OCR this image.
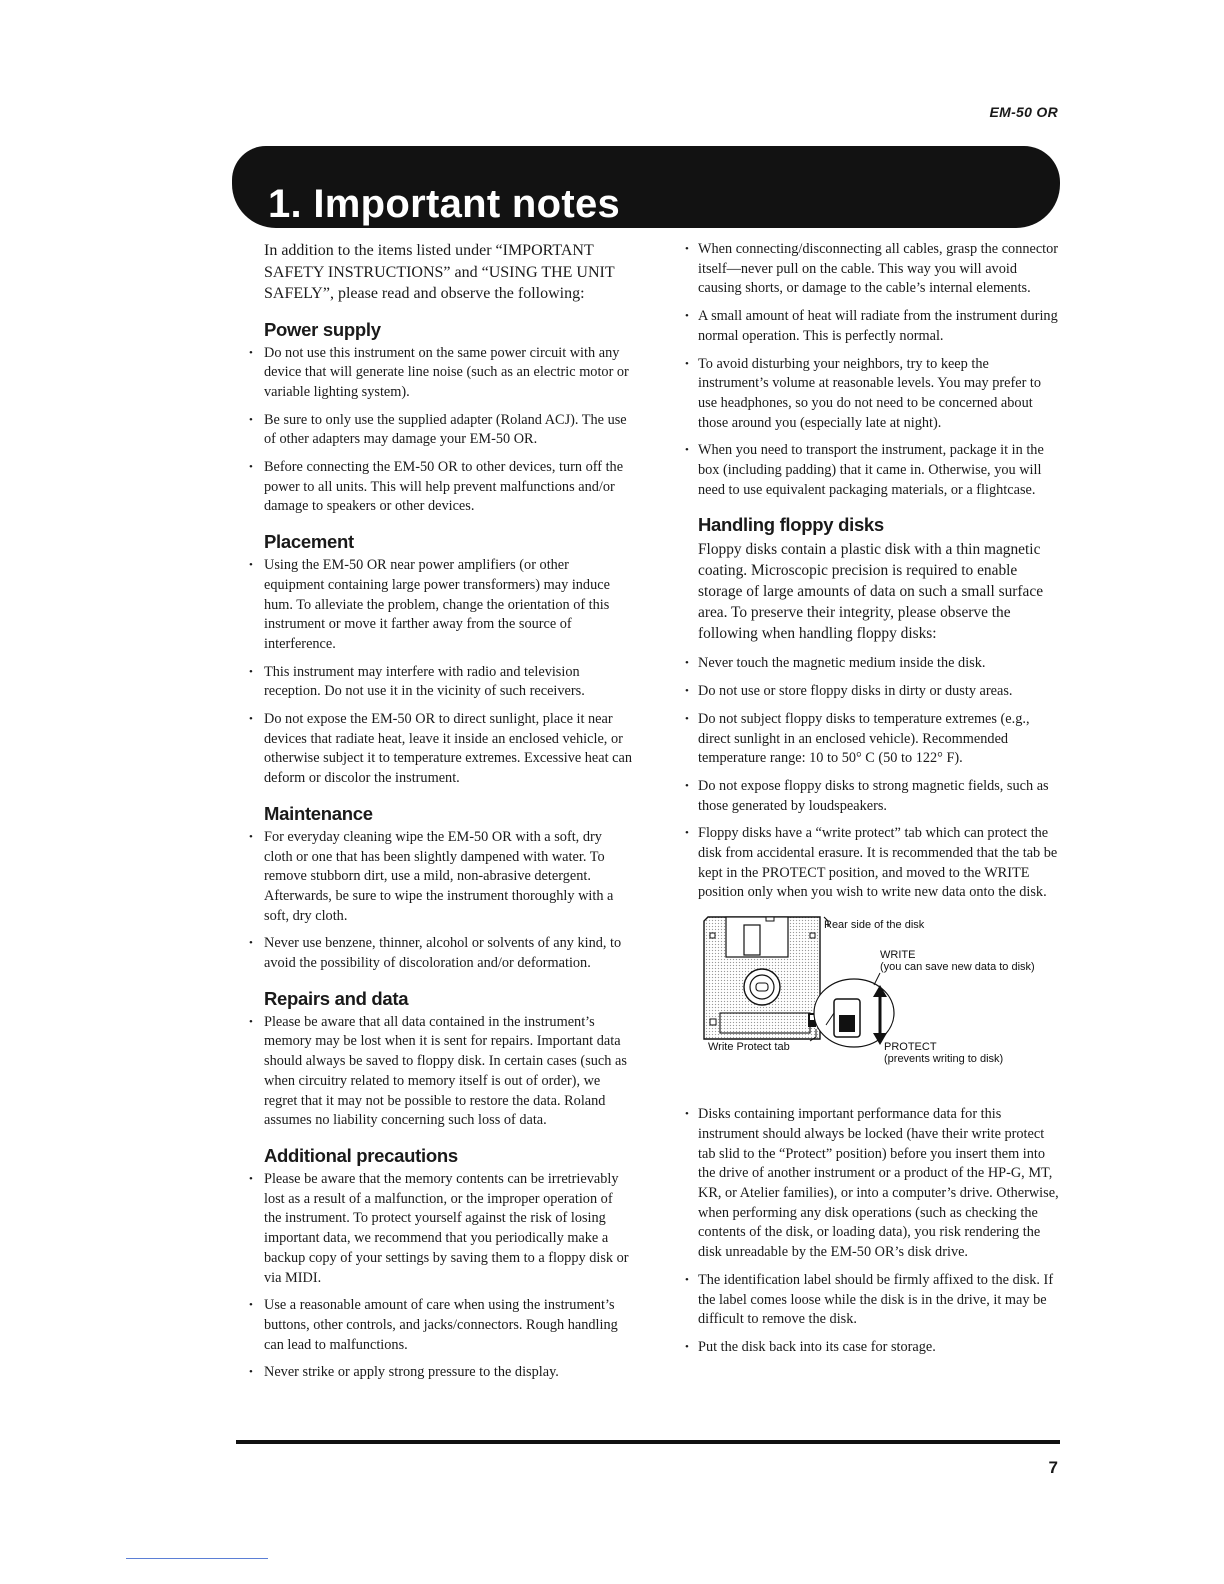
EM-50 OR
1. Important notes

In addition to the items listed under “IMPORTANT SAFETY INSTRUCTIONS” and “USING THE UNIT SAFELY”, please read and observe the following:

Power supply
• Do not use this instrument on the same power circuit with any device that will generate line noise (such as an electric motor or variable lighting system).
• Be sure to only use the supplied adapter (Roland ACJ). The use of other adapters may damage your EM-50 OR.
• Before connecting the EM-50 OR to other devices, turn off the power to all units. This will help prevent malfunctions and/or damage to speakers or other devices.
Placement
• Using the EM-50 OR near power amplifiers (or other equipment containing large power transformers) may induce hum. To alleviate the problem, change the orientation of this instrument or move it farther away from the source of interference.
• This instrument may interfere with radio and television reception. Do not use it in the vicinity of such receivers.
• Do not expose the EM-50 OR to direct sunlight, place it near devices that radiate heat, leave it inside an enclosed vehicle, or otherwise subject it to temperature extremes. Excessive heat can deform or discolor the instrument.
Maintenance
• For everyday cleaning wipe the EM-50 OR with a soft, dry cloth or one that has been slightly dampened with water. To remove stubborn dirt, use a mild, non-abrasive detergent. Afterwards, be sure to wipe the instrument thoroughly with a soft, dry cloth.
• Never use benzene, thinner, alcohol or solvents of any kind, to avoid the possibility of discoloration and/or deformation.
Repairs and data
• Please be aware that all data contained in the instrument’s memory may be lost when it is sent for repairs. Important data should always be saved to floppy disk. In certain cases (such as when circuitry related to memory itself is out of order), we regret that it may not be possible to restore the data. Roland assumes no liability concerning such loss of data.
Additional precautions
• Please be aware that the memory contents can be irretrievably lost as a result of a malfunction, or the improper operation of the instrument. To protect yourself against the risk of losing important data, we recommend that you periodically make a backup copy of your settings by saving them to a floppy disk or via MIDI.
• Use a reasonable amount of care when using the instrument’s buttons, other controls, and jacks/connectors. Rough handling can lead to malfunctions.
• Never strike or apply strong pressure to the display.
• When connecting/disconnecting all cables, grasp the connector itself—never pull on the cable. This way you will avoid causing shorts, or damage to the cable’s internal elements.
• A small amount of heat will radiate from the instrument during normal operation. This is perfectly normal.
• To avoid disturbing your neighbors, try to keep the instrument’s volume at reasonable levels. You may prefer to use headphones, so you do not need to be concerned about those around you (especially late at night).
• When you need to transport the instrument, package it in the box (including padding) that it came in. Otherwise, you will need to use equivalent packaging materials, or a flightcase.
Handling floppy disks

Floppy disks contain a plastic disk with a thin magnetic coating. Microscopic precision is required to enable storage of large amounts of data on such a small surface area. To preserve their integrity, please observe the following when handling floppy disks:

• Never touch the magnetic medium inside the disk.
• Do not use or store floppy disks in dirty or dusty areas.
• Do not subject floppy disks to temperature extremes (e.g., direct sunlight in an enclosed vehicle). Recommended temperature range: 10 to 50° C (50 to 122° F).
• Do not expose floppy disks to strong magnetic fields, such as those generated by loudspeakers.
• Floppy disks have a “write protect” tab which can protect the disk from accidental erasure. It is recommended that the tab be kept in the PROTECT position, and moved to the WRITE position only when you wish to write new data onto the disk.
Rear side of the disk
WRITE
(you can save new data to disk)
PROTECT
(prevents writing to disk)
Write Protect tab
• Disks containing important performance data for this instrument should always be locked (have their write protect tab slid to the “Protect” position) before you insert them into the drive of another instrument or a product of the HP-G, MT, KR, or Atelier families), or into a computer’s drive. Otherwise, when performing any disk operations (such as checking the contents of the disk, or loading data), you risk rendering the disk unreadable by the EM-50 OR’s disk drive.
• The identification label should be firmly affixed to the disk. If the label comes loose while the disk is in the drive, it may be difficult to remove the disk.
• Put the disk back into its case for storage.
7
